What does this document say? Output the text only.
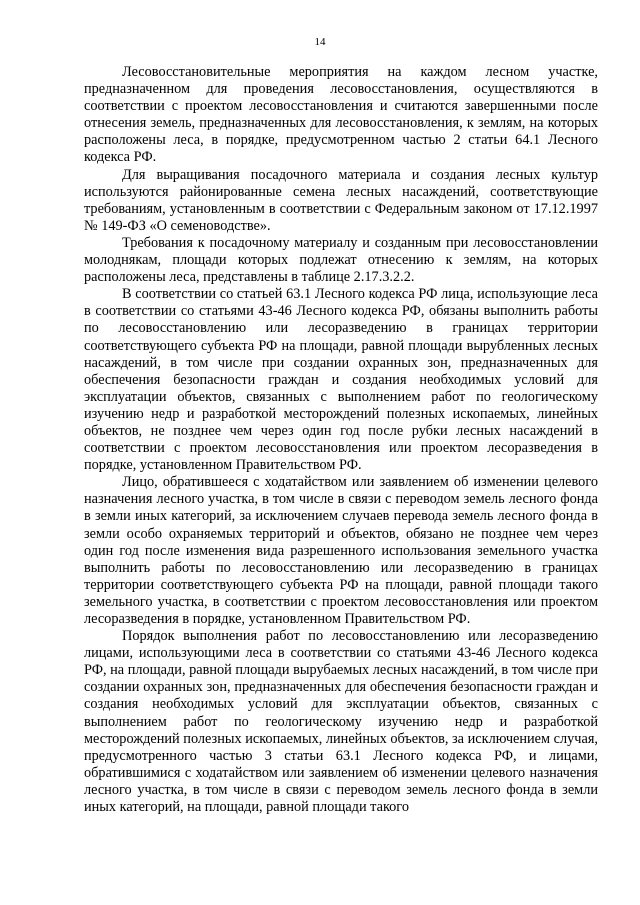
14

Лесовосстановительные мероприятия на каждом лесном участке, предназначенном для проведения лесовосстановления, осуществляются в соответствии с проектом лесовосстановления и считаются завершенными после отнесения земель, предназначенных для лесовосстановления, к землям, на которых расположены леса, в порядке, предусмотренном частью 2 статьи 64.1 Лесного кодекса РФ.

Для выращивания посадочного материала и создания лесных культур используются районированные семена лесных насаждений, соответствующие требованиям, установленным в соответствии с Федеральным законом от 17.12.1997 № 149-ФЗ «О семеноводстве».

Требования к посадочному материалу и созданным при лесовосстановлении молоднякам, площади которых подлежат отнесению к землям, на которых расположены леса, представлены в таблице 2.17.3.2.2.

В соответствии со статьей 63.1 Лесного кодекса РФ лица, использующие леса в соответствии со статьями 43-46 Лесного кодекса РФ, обязаны выполнить работы по лесовосстановлению или лесоразведению в границах территории соответствующего субъекта РФ на площади, равной площади вырубленных лесных насаждений, в том числе при создании охранных зон, предназначенных для обеспечения безопасности граждан и создания необходимых условий для эксплуатации объектов, связанных с выполнением работ по геологическому изучению недр и разработкой месторождений полезных ископаемых, линейных объектов, не позднее чем через один год после рубки лесных насаждений в соответствии с проектом лесовосстановления или проектом лесоразведения в порядке, установленном Правительством РФ.

Лицо, обратившееся с ходатайством или заявлением об изменении целевого назначения лесного участка, в том числе в связи с переводом земель лесного фонда в земли иных категорий, за исключением случаев перевода земель лесного фонда в земли особо охраняемых территорий и объектов, обязано не позднее чем через один год после изменения вида разрешенного использования земельного участка выполнить работы по лесовосстановлению или лесоразведению в границах территории соответствующего субъекта РФ на площади, равной площади такого земельного участка, в соответствии с проектом лесовосстановления или проектом лесоразведения в порядке, установленном Правительством РФ.

Порядок выполнения работ по лесовосстановлению или лесоразведению лицами, использующими леса в соответствии со статьями 43-46 Лесного кодекса РФ, на площади, равной площади вырубаемых лесных насаждений, в том числе при создании охранных зон, предназначенных для обеспечения безопасности граждан и создания необходимых условий для эксплуатации объектов, связанных с выполнением работ по геологическому изучению недр и разработкой месторождений полезных ископаемых, линейных объектов, за исключением случая, предусмотренного частью 3 статьи 63.1 Лесного кодекса РФ, и лицами, обратившимися с ходатайством или заявлением об изменении целевого назначения лесного участка, в том числе в связи с переводом земель лесного фонда в земли иных категорий, на площади, равной площади такого
